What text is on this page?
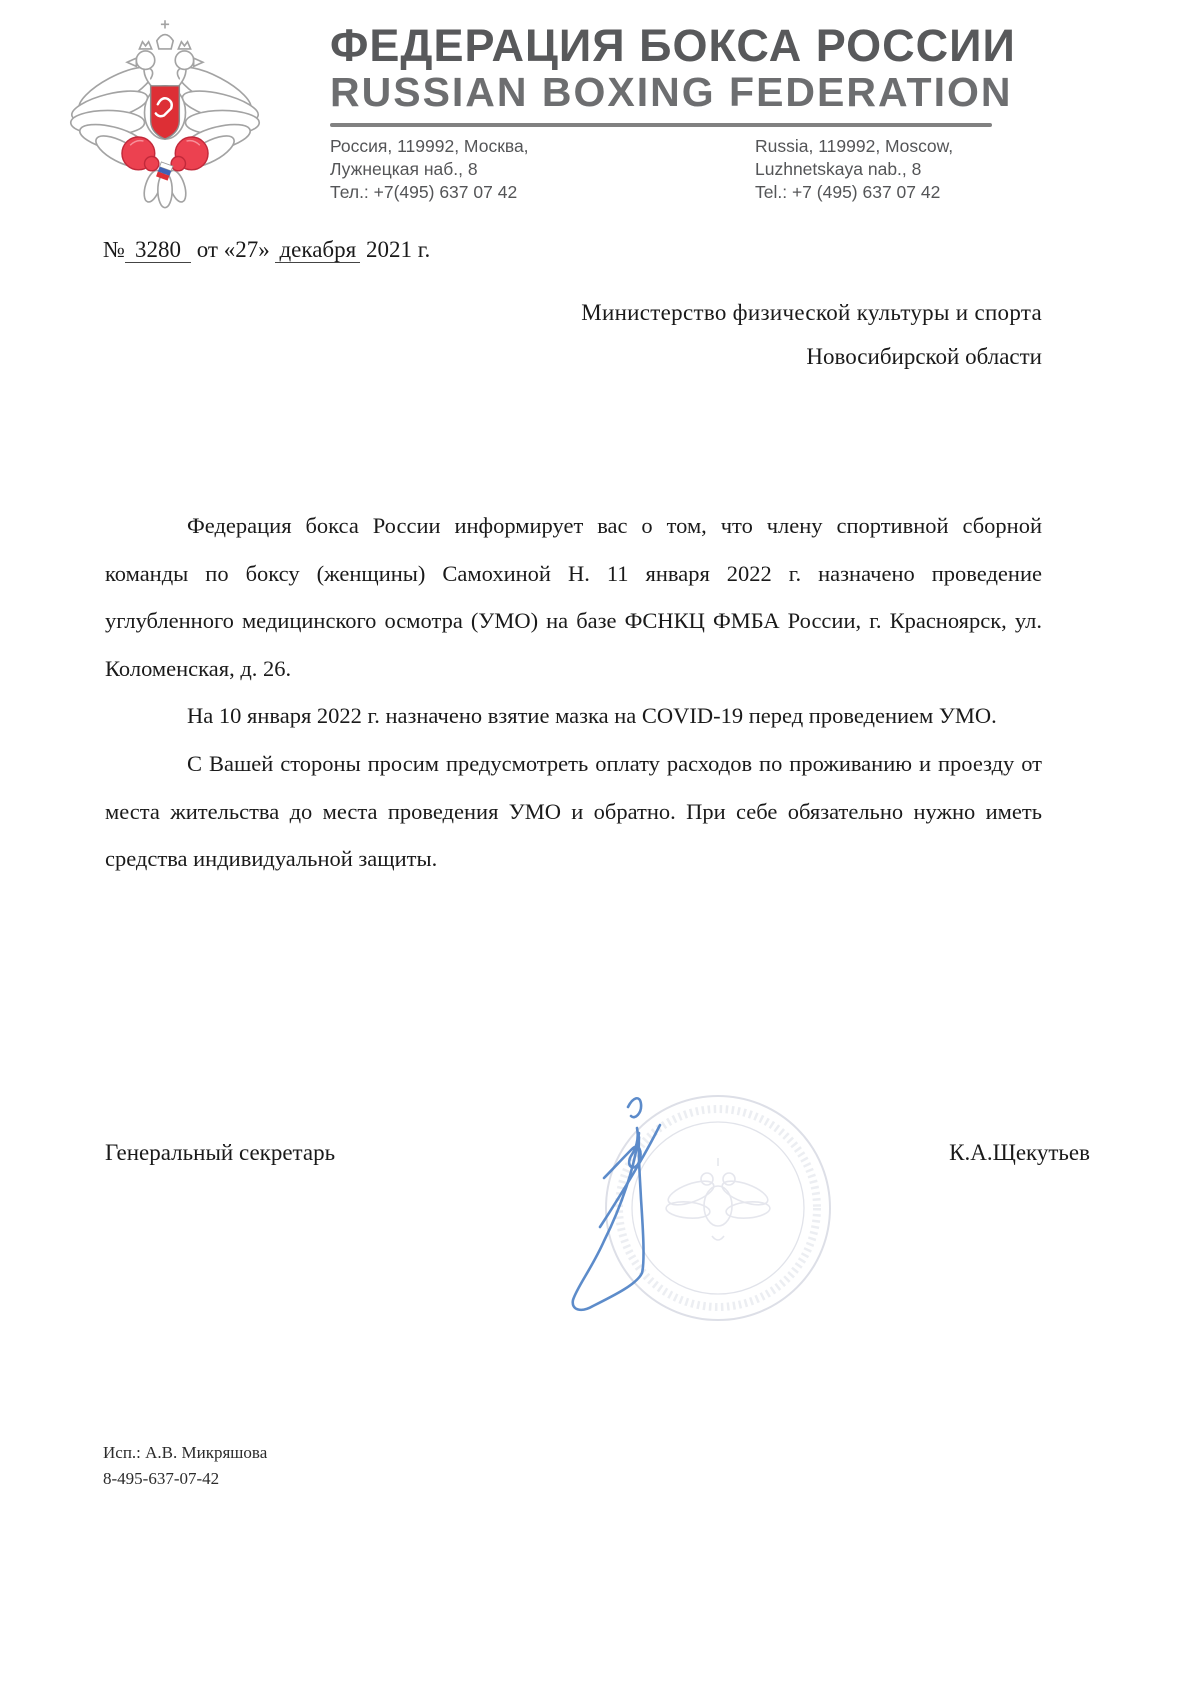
ФЕДЕРАЦИЯ БОКСА РОССИИ
RUSSIAN BOXING FEDERATION
Россия, 119992, Москва,
Лужнецкая наб., 8
Тел.: +7(495) 637 07 42
Russia, 119992, Moscow,
Luzhnetskaya nab., 8
Tel.: +7 (495) 637 07 42
№ 3280 от «27» декабря 2021 г.
Министерство физической культуры и спорта
Новосибирской области

Федерация бокса России информирует вас о том, что члену спортивной сборной команды по боксу (женщины) Самохиной Н. 11 января 2022 г. назначено проведение углубленного медицинского осмотра (УМО) на базе ФСНКЦ ФМБА России, г. Красноярск, ул. Коломенская, д. 26.

На 10 января 2022 г. назначено взятие мазка на COVID-19 перед проведением УМО.

С Вашей стороны просим предусмотреть оплату расходов по проживанию и проезду от места жительства до места проведения УМО и обратно. При себе обязательно нужно иметь средства индивидуальной защиты.

Генеральный секретарь	К.А.Щекутьев
Исп.: А.В. Микряшова
8-495-637-07-42
